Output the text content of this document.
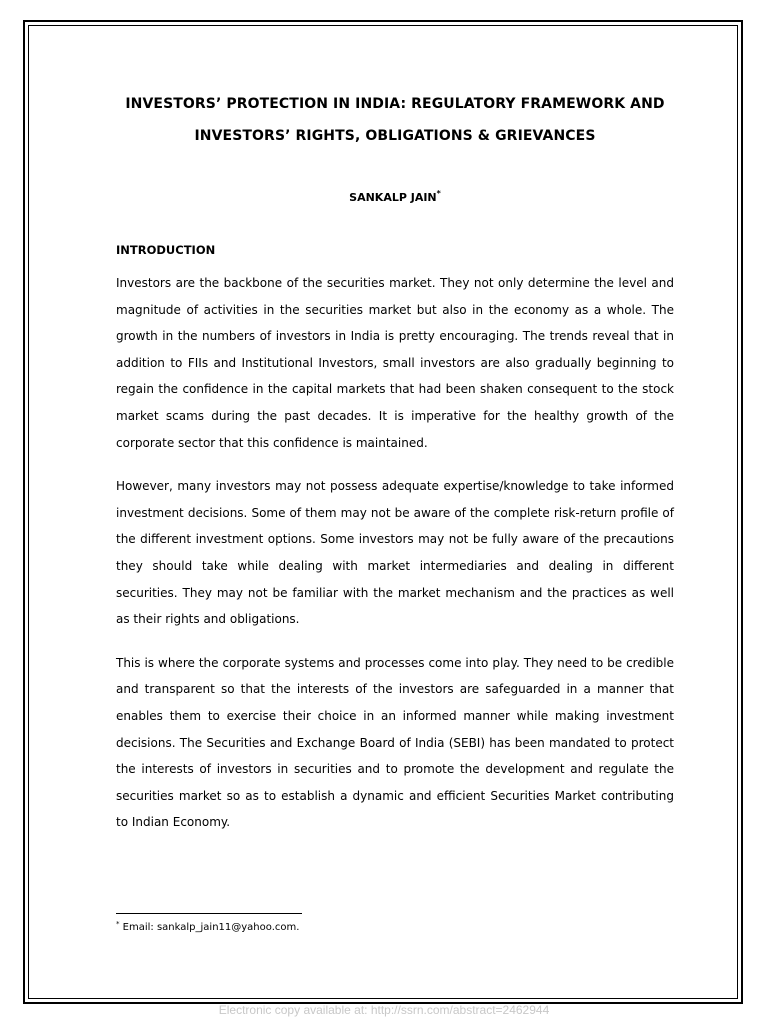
INVESTORS’ PROTECTION IN INDIA: REGULATORY FRAMEWORK AND

INVESTORS’ RIGHTS, OBLIGATIONS & GRIEVANCES

SANKALP JAIN*
INTRODUCTION

Investors are the backbone of the securities market. They not only determine the level and magnitude of activities in the securities market but also in the economy as a whole. The growth in the numbers of investors in India is pretty encouraging. The trends reveal that in addition to FIIs and Institutional Investors, small investors are also gradually beginning to regain the confidence in the capital markets that had been shaken consequent to the stock market scams during the past decades. It is imperative for the healthy growth of the corporate sector that this confidence is maintained.

However, many investors may not possess adequate expertise/knowledge to take informed investment decisions. Some of them may not be aware of the complete risk-return profile of the different investment options. Some investors may not be fully aware of the precautions they should take while dealing with market intermediaries and dealing in different securities. They may not be familiar with the market mechanism and the practices as well as their rights and obligations.

This is where the corporate systems and processes come into play. They need to be credible and transparent so that the interests of the investors are safeguarded in a manner that enables them to exercise their choice in an informed manner while making investment decisions. The Securities and Exchange Board of India (SEBI) has been mandated to protect the interests of investors in securities and to promote the development and regulate the securities market so as to establish a dynamic and efficient Securities Market contributing to Indian Economy.

* Email: sankalp_jain11@yahoo.com.
Electronic copy available at: http://ssrn.com/abstract=2462944
